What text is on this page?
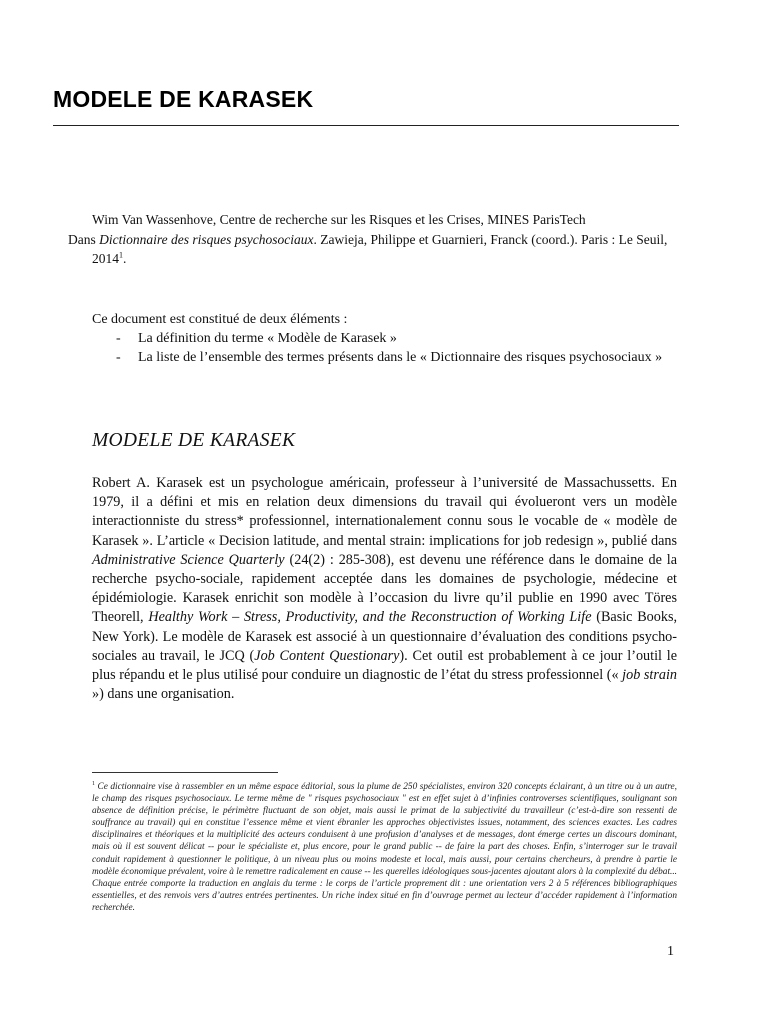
MODELE DE KARASEK
Wim Van Wassenhove, Centre de recherche sur les Risques et les Crises, MINES ParisTech
Dans Dictionnaire des risques psychosociaux. Zawieja, Philippe et Guarnieri, Franck (coord.). Paris : Le Seuil,
2014$^1$.
Ce document est constitué de deux éléments :
- La définition du terme « Modèle de Karasek »
- La liste de l’ensemble des termes présents dans le « Dictionnaire des risques psychosociaux »
MODELE DE KARASEK

Robert A. Karasek est un psychologue américain, professeur à l’université de Massachussetts. En 1979, il a défini et mis en relation deux dimensions du travail qui évolueront vers un modèle interactionniste du stress* professionnel, internationalement connu sous le vocable de « modèle de Karasek ». L’article « Decision latitude, and mental strain: implications for job redesign », publié dans Administrative Science Quarterly (24(2) : 285-308), est devenu une référence dans le domaine de la recherche psycho-sociale, rapidement acceptée dans les domaines de psychologie, médecine et épidémiologie. Karasek enrichit son modèle à l’occasion du livre qu’il publie en 1990 avec Töres Theorell, Healthy Work – Stress, Productivity, and the Reconstruction of Working Life (Basic Books, New York). Le modèle de Karasek est associé à un questionnaire d’évaluation des conditions psycho-sociales au travail, le JCQ (Job Content Questionary). Cet outil est probablement à ce jour l’outil le plus répandu et le plus utilisé pour conduire un diagnostic de l’état du stress professionnel (« job strain ») dans une organisation.

$^1$ Ce dictionnaire vise à rassembler en un même espace éditorial, sous la plume de 250 spécialistes, environ 320 concepts éclairant, à un titre ou à un autre, le champ des risques psychosociaux. Le terme même de " risques psychosociaux " est en effet sujet à d’infinies controverses scientifiques, soulignant son absence de définition précise, le périmètre fluctuant de son objet, mais aussi le primat de la subjectivité du travailleur (c’est-à-dire son ressenti de souffrance au travail) qui en constitue l’essence même et vient ébranler les approches objectivistes issues, notamment, des sciences exactes. Les cadres disciplinaires et théoriques et la multiplicité des acteurs conduisent à une profusion d’analyses et de messages, dont émerge certes un discours dominant, mais où il est souvent délicat -- pour le spécialiste et, plus encore, pour le grand public -- de faire la part des choses. Enfin, s’interroger sur le travail conduit rapidement à questionner le politique, à un niveau plus ou moins modeste et local, mais aussi, pour certains chercheurs, à prendre à partie le modèle économique prévalent, voire à le remettre radicalement en cause -- les querelles idéologiques sous-jacentes ajoutant alors à la complexité du débat... Chaque entrée comporte la traduction en anglais du terme : le corps de l’article proprement dit : une orientation vers 2 à 5 références bibliographiques essentielles, et des renvois vers d’autres entrées pertinentes. Un riche index situé en fin d’ouvrage permet au lecteur d’accéder rapidement à l’information recherchée.

1
